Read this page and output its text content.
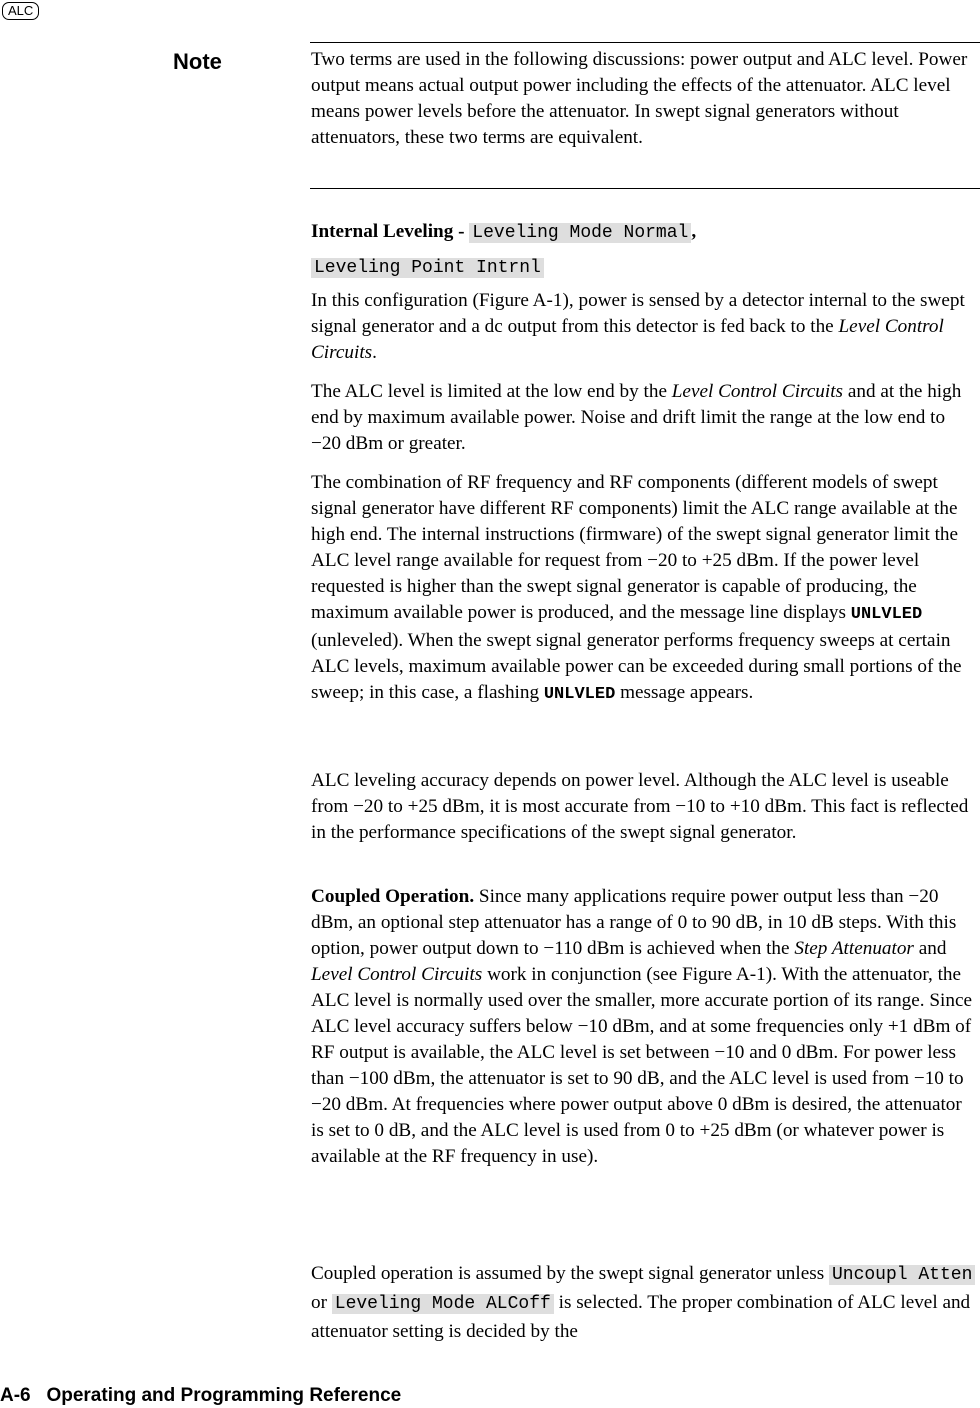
ALC
Note	Two terms are used in the following discussions: power output and ALC level. Power output means actual output power including the effects of the attenuator. ALC level means power levels before the attenuator. In swept signal generators without attenuators, these two terms are equivalent.

Internal Leveling - Leveling Mode Normal ,
Leveling Point Intrnl

In this configuration (Figure A-1), power is sensed by a detector internal to the swept signal generator and a dc output from this detector is fed back to the Level Control Circuits.

The ALC level is limited at the low end by the Level Control Circuits and at the high end by maximum available power. Noise and drift limit the range at the low end to −20 dBm or greater.

The combination of RF frequency and RF components (different models of swept signal generator have different RF components) limit the ALC range available at the high end. The internal instructions (firmware) of the swept signal generator limit the ALC level range available for request from −20 to +25 dBm. If the power level requested is higher than the swept signal generator is capable of producing, the maximum available power is produced, and the message line displays UNLVLED (unleveled). When the swept signal generator performs frequency sweeps at certain ALC levels, maximum available power can be exceeded during small portions of the sweep; in this case, a flashing UNLVLED message appears.

ALC leveling accuracy depends on power level. Although the ALC level is useable from −20 to +25 dBm, it is most accurate from −10 to +10 dBm. This fact is reflected in the performance specifications of the swept signal generator.

Coupled Operation. Since many applications require power output less than −20 dBm, an optional step attenuator has a range of 0 to 90 dB, in 10 dB steps. With this option, power output down to −110 dBm is achieved when the Step Attenuator and Level Control Circuits work in conjunction (see Figure A-1). With the attenuator, the ALC level is normally used over the smaller, more accurate portion of its range. Since ALC level accuracy suffers below −10 dBm, and at some frequencies only +1 dBm of RF output is available, the ALC level is set between −10 and 0 dBm. For power less than −100 dBm, the attenuator is set to 90 dB, and the ALC level is used from −10 to −20 dBm. At frequencies where power output above 0 dBm is desired, the attenuator is set to 0 dB, and the ALC level is used from 0 to +25 dBm (or whatever power is available at the RF frequency in use).

Coupled operation is assumed by the swept signal generator unless Uncoupl Atten or Leveling Mode ALCoff is selected. The proper combination of ALC level and attenuator setting is decided by the

A-6   Operating and Programming Reference
